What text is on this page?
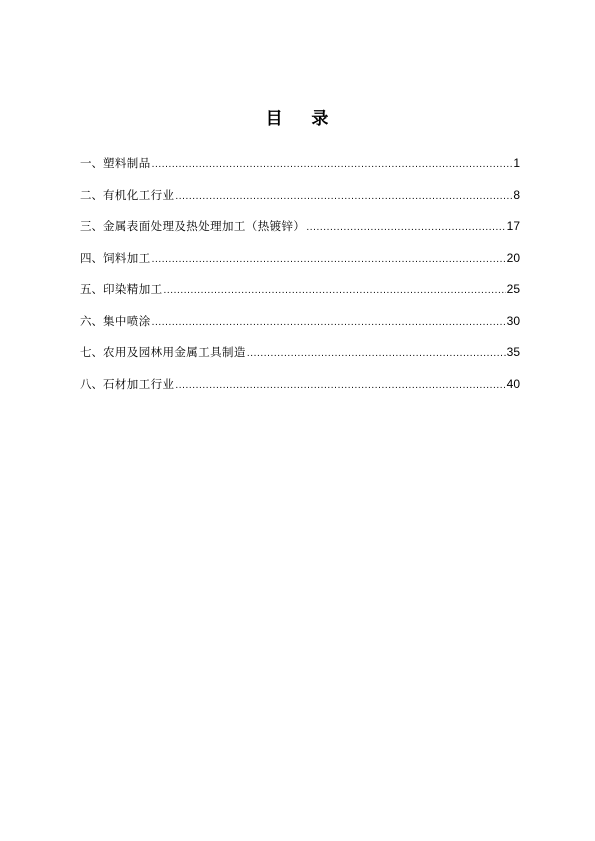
目    录
一、 塑料制品 .....	1
二、 有机化工行业 .....	8
三、 金属表面处理及热处理加工（热镀锌） .....	17
四、 饲料加工 .....	20
五、 印染精加工 .....	25
六、 集中喷涂 .....	30
七、 农用及园林用金属工具制造 .....	35
八、 石材加工行业 .....	40
